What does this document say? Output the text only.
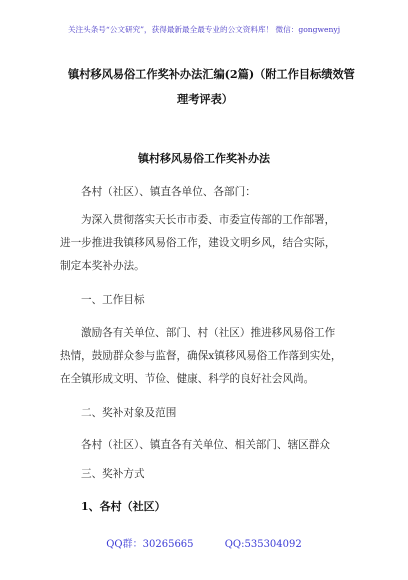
关注头条号“公文研究”，获得最新最全最专业的公文资料库！ 微信：gongwenyj
镇村移风易俗工作奖补办法汇编(2篇)（附工作目标绩效管
理考评表）
镇村移风易俗工作奖补办法
各村（社区）、镇直各单位、各部门：
为深入贯彻落实天长市市委、市委宣传部的工作部署，
进一步推进我镇移风易俗工作，建设文明乡风，结合实际，
制定本奖补办法。
一、工作目标
激励各有关单位、部门、村（社区）推进移风易俗工作
热情，鼓励群众参与监督，确保x镇移风易俗工作落到实处，
在全镇形成文明、节俭、健康、科学的良好社会风尚。
二、奖补对象及范围
各村（社区）、镇直各有关单位、相关部门、辖区群众
三、奖补方式
1、各村（社区）
QQ群：30265665	QQ:535304092
